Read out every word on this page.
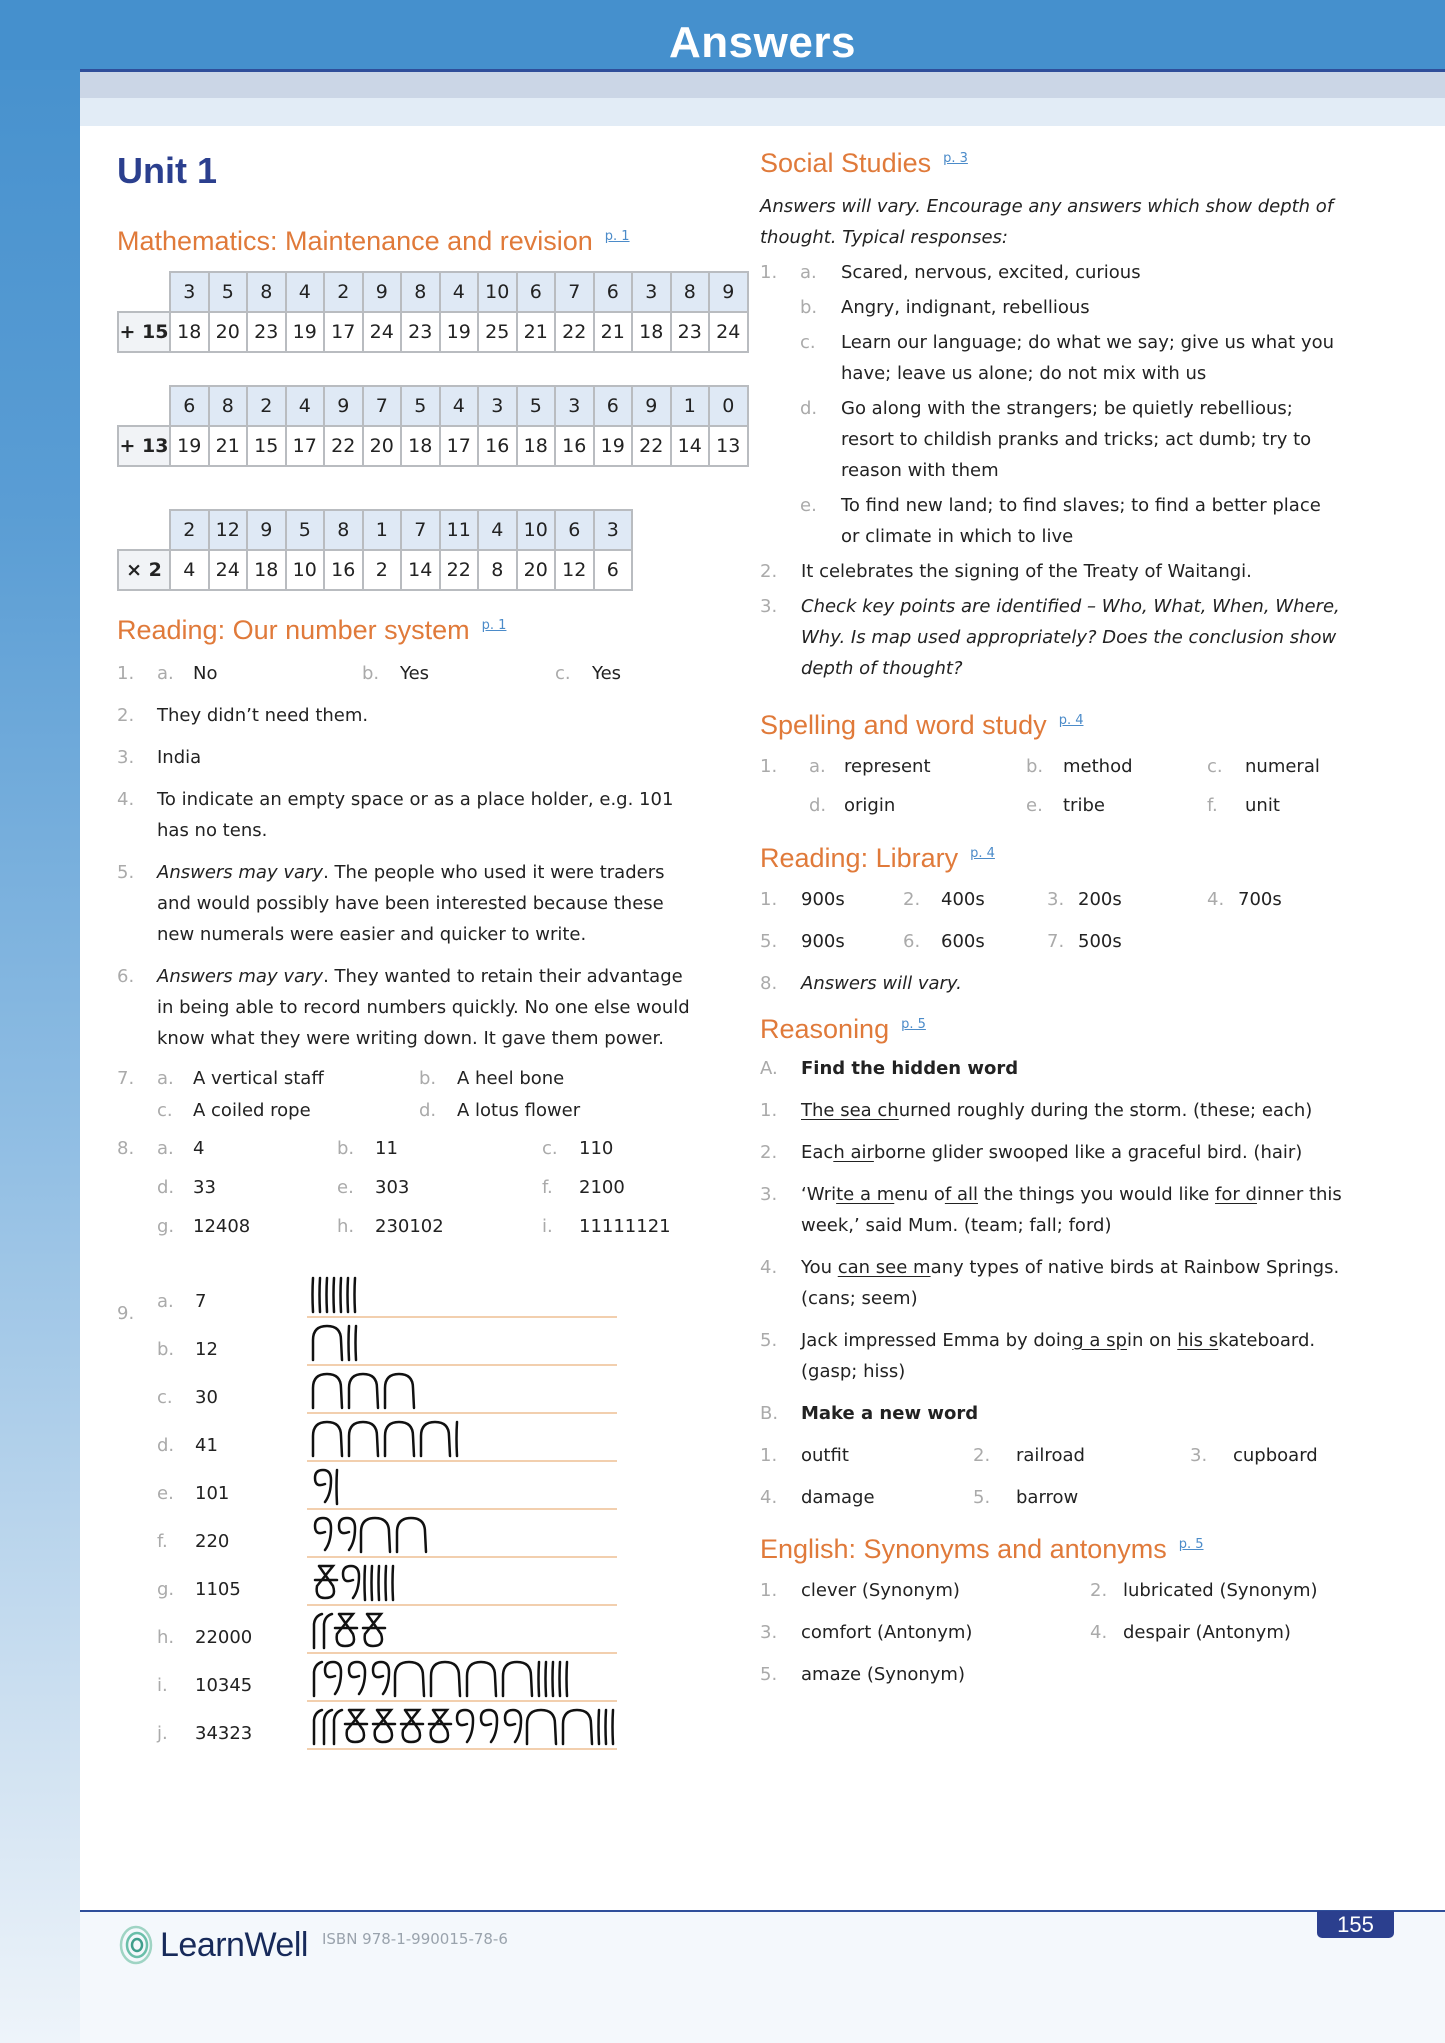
Answers
Unit 1
Mathematics: Maintenance and revision $^{p. 1}$
	3	5	8	4	2	9	8	4	10	6	7	6	3	8	9
+ 15	18	20	23	19	17	24	23	19	25	21	22	21	18	23	24
	6	8	2	4	9	7	5	4	3	5	3	6	9	1	0
+ 13	19	21	15	17	22	20	18	17	16	18	16	19	22	14	13
	2	12	9	5	8	1	7	11	4	10	6	3
× 2	4	24	18	10	16	2	14	22	8	20	12	6
Reading: Our number system $^{p. 1}$
1. a. No	b. Yes	c. Yes
2. They didn’t need them.
3. India
4. To indicate an empty space or as a place holder, e.g. 101
has no tens.
5. Answers may vary. The people who used it were traders
and would possibly have been interested because these
new numerals were easier and quicker to write.
6. Answers may vary. They wanted to retain their advantage
in being able to record numbers quickly. No one else would
know what they were writing down. It gave them power.
7. a. A vertical staff	b. A heel bone
c. A coiled rope	d. A lotus flower
8. a. 4	b. 11	c. 110
d. 33	e. 303	f. 2100
g. 12408	h. 230102	i. 11111121
9.
a. 7
b. 12
c. 30
d. 41
e. 101
f. 220
g. 1105
h. 22000
i. 10345
j. 34323
Social Studies $^{p. 3}$
Answers will vary. Encourage any answers which show depth of
thought. Typical responses:
1. a. Scared, nervous, excited, curious
b. Angry, indignant, rebellious
c. Learn our language; do what we say; give us what you
have; leave us alone; do not mix with us
d. Go along with the strangers; be quietly rebellious;
resort to childish pranks and tricks; act dumb; try to
reason with them
e. To find new land; to find slaves; to find a better place
or climate in which to live
2. It celebrates the signing of the Treaty of Waitangi.
3. Check key points are identified – Who, What, When, Where,
Why. Is map used appropriately? Does the conclusion show
depth of thought?
Spelling and word study $^{p. 4}$
1. a. represent	b. method	c. numeral
d. origin	e. tribe	f. unit
Reading: Library $^{p. 4}$
1. 900s	2. 400s	3. 200s	4. 700s
5. 900s	6. 600s	7. 500s
8. Answers will vary.
Reasoning $^{p. 5}$
A. Find the hidden word
1. The sea churned roughly during the storm. (these; each)
2. Each airborne glider swooped like a graceful bird. (hair)
3. ‘Write a menu of all the things you would like for dinner this
week,’ said Mum. (team; fall; ford)
4. You can see many types of native birds at Rainbow Springs.
(cans; seem)
5. Jack impressed Emma by doing a spin on his skateboard.
(gasp; hiss)
B. Make a new word
1. outfit	2. railroad	3. cupboard
4. damage	5. barrow
English: Synonyms and antonyms $^{p. 5}$
1. clever (Synonym)	2. lubricated (Synonym)
3. comfort (Antonym)	4. despair (Antonym)
5. amaze (Synonym)
155
LearnWell ISBN 978-1-990015-78-6
